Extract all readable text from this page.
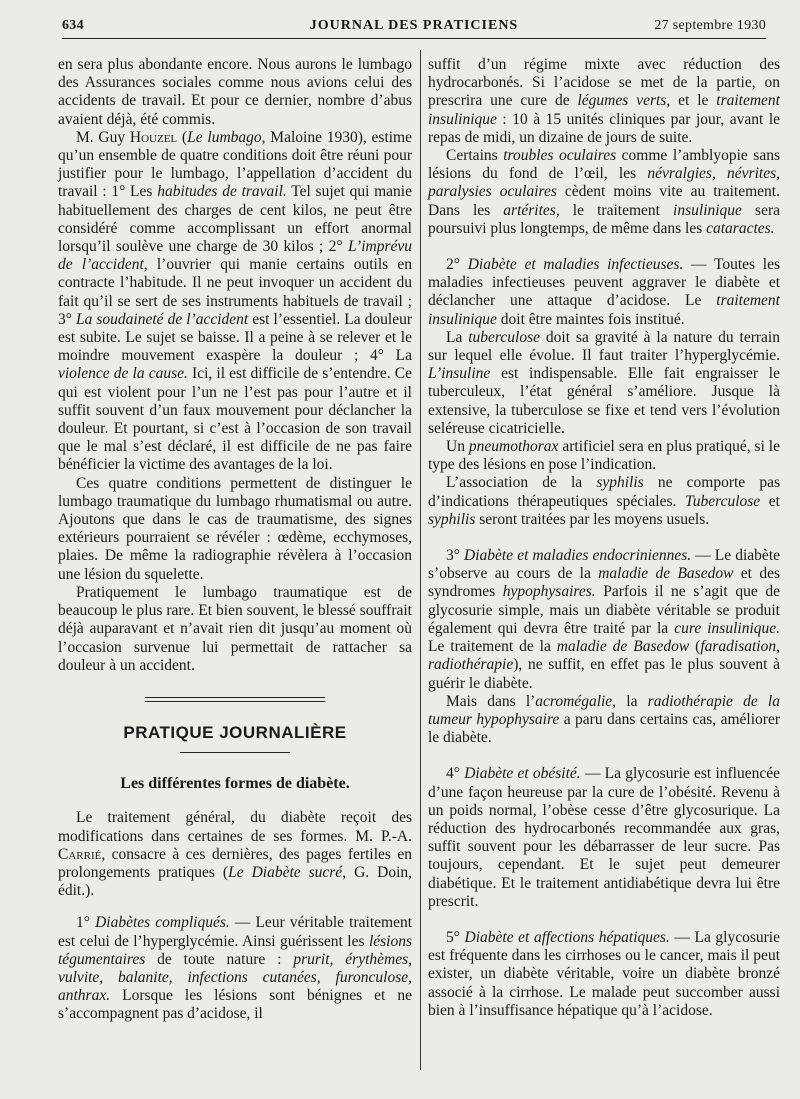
634	JOURNAL DES PRATICIENS	27 septembre 1930

en sera plus abondante encore. Nous aurons le lumbago des Assurances sociales comme nous avions celui des accidents de travail. Et pour ce dernier, nombre d’abus avaient déjà, été commis.

M. Guy Houzel (Le lumbago, Maloine 1930), estime qu’un ensemble de quatre conditions doit être réuni pour justifier pour le lumbago, l’appellation d’accident du travail : 1° Les habitudes de travail. Tel sujet qui manie habituellement des charges de cent kilos, ne peut être considéré comme accomplissant un effort anormal lorsqu’il soulève une charge de 30 kilos ; 2° L’imprévu de l’accident, l’ouvrier qui manie certains outils en contracte l’habitude. Il ne peut invoquer un accident du fait qu’il se sert de ses instruments habituels de travail ; 3° La soudaineté de l’accident est l’essentiel. La douleur est subite. Le sujet se baisse. Il a peine à se relever et le moindre mouvement exaspère la douleur ; 4° La violence de la cause. Ici, il est difficile de s’entendre. Ce qui est violent pour l’un ne l’est pas pour l’autre et il suffit souvent d’un faux mouvement pour déclancher la douleur. Et pourtant, si c’est à l’occasion de son travail que le mal s’est déclaré, il est difficile de ne pas faire bénéficier la victime des avantages de la loi.

Ces quatre conditions permettent de distinguer le lumbago traumatique du lumbago rhumatismal ou autre. Ajoutons que dans le cas de traumatisme, des signes extérieurs pourraient se révéler : œdème, ecchymoses, plaies. De même la radiographie révèlera à l’occasion une lésion du squelette.

Pratiquement le lumbago traumatique est de beaucoup le plus rare. Et bien souvent, le blessé souffrait déjà auparavant et n’avait rien dit jusqu’au moment où l’occasion survenue lui permettait de rattacher sa douleur à un accident.

PRATIQUE JOURNALIÈRE
Les différentes formes de diabète.

Le traitement général, du diabète reçoit des modifications dans certaines de ses formes. M. P.-A. Carrié, consacre à ces dernières, des pages fertiles en prolongements pratiques (Le Diabète sucré, G. Doin, édit.).

1° Diabètes compliqués. — Leur véritable traitement est celui de l’hyperglycémie. Ainsi guérissent les lésions tégumentaires de toute nature : prurit, érythèmes, vulvite, balanite, infections cutanées, furonculose, anthrax. Lorsque les lésions sont bénignes et ne s’accompagnent pas d’acidose, il

suffit d’un régime mixte avec réduction des hydrocarbonés. Si l’acidose se met de la partie, on prescrira une cure de légumes verts, et le traitement insulinique : 10 à 15 unités cliniques par jour, avant le repas de midi, un dizaine de jours de suite.

Certains troubles oculaires comme l’amblyopie sans lésions du fond de l’œil, les névralgies, névrites, paralysies oculaires cèdent moins vite au traitement. Dans les artérites, le traitement insulinique sera poursuivi plus longtemps, de même dans les cataractes.

2° Diabète et maladies infectieuses. — Toutes les maladies infectieuses peuvent aggraver le diabète et déclancher une attaque d’acidose. Le traitement insulinique doit être maintes fois institué.

La tuberculose doit sa gravité à la nature du terrain sur lequel elle évolue. Il faut traiter l’hyperglycémie. L’insuline est indispensable. Elle fait engraisser le tuberculeux, l’état général s’améliore. Jusque là extensive, la tuberculose se fixe et tend vers l’évolution seléreuse cicatricielle.

Un pneumothorax artificiel sera en plus pratiqué, si le type des lésions en pose l’indication.

L’association de la syphilis ne comporte pas d’indications thérapeutiques spéciales. Tuberculose et syphilis seront traitées par les moyens usuels.

3° Diabète et maladies endocriniennes. — Le diabète s’observe au cours de la maladie de Basedow et des syndromes hypophysaires. Parfois il ne s’agit que de glycosurie simple, mais un diabète véritable se produit également qui devra être traité par la cure insulinique. Le traitement de la maladie de Basedow (faradisation, radiothérapie), ne suffit, en effet pas le plus souvent à guérir le diabète.

Mais dans l’acromégalie, la radiothérapie de la tumeur hypophysaire a paru dans certains cas, améliorer le diabète.

4° Diabète et obésité. — La glycosurie est influencée d’une façon heureuse par la cure de l’obésité. Revenu à un poids normal, l’obèse cesse d’être glycosurique. La réduction des hydrocarbonés recommandée aux gras, suffit souvent pour les débarrasser de leur sucre. Pas toujours, cependant. Et le sujet peut demeurer diabétique. Et le traitement antidiabétique devra lui être prescrit.

5° Diabète et affections hépatiques. — La glycosurie est fréquente dans les cirrhoses ou le cancer, mais il peut exister, un diabète véritable, voire un diabète bronzé associé à la cirrhose. Le malade peut succomber aussi bien à l’insuffisance hépatique qu’à l’acidose.
